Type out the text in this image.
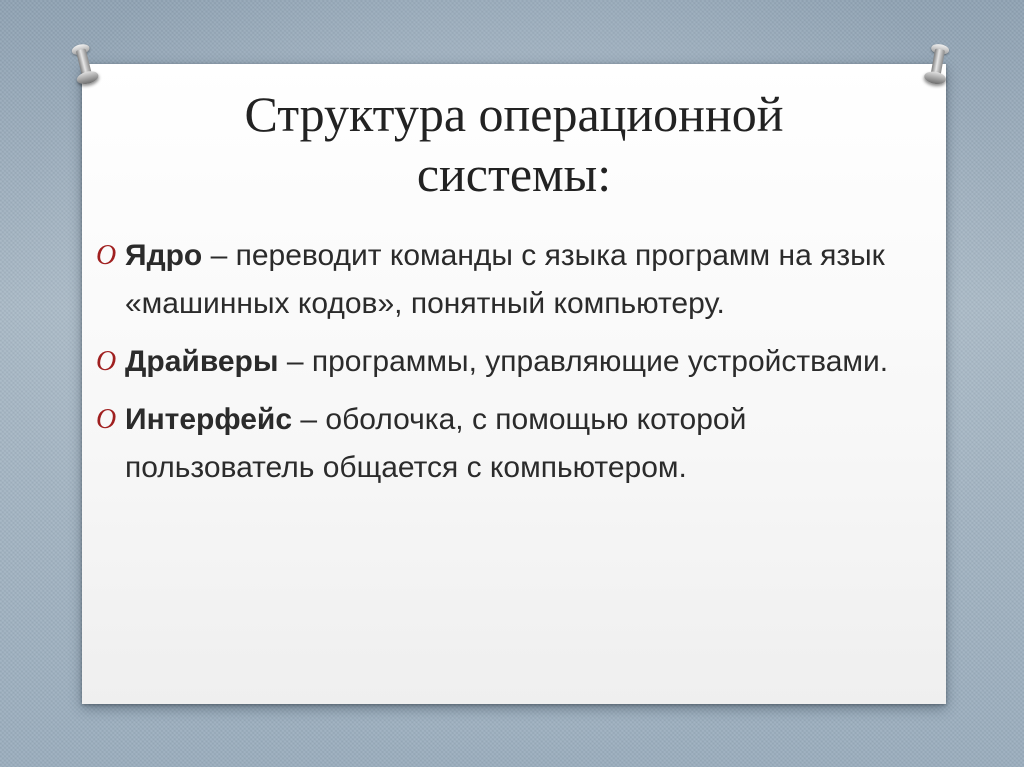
Структура операционной
системы:
O Ядро – переводит команды с языка программ на язык «машинных кодов», понятный компьютеру.
O Драйверы – программы, управляющие устройствами.
O Интерфейс – оболочка, с помощью которой пользователь общается с компьютером.
